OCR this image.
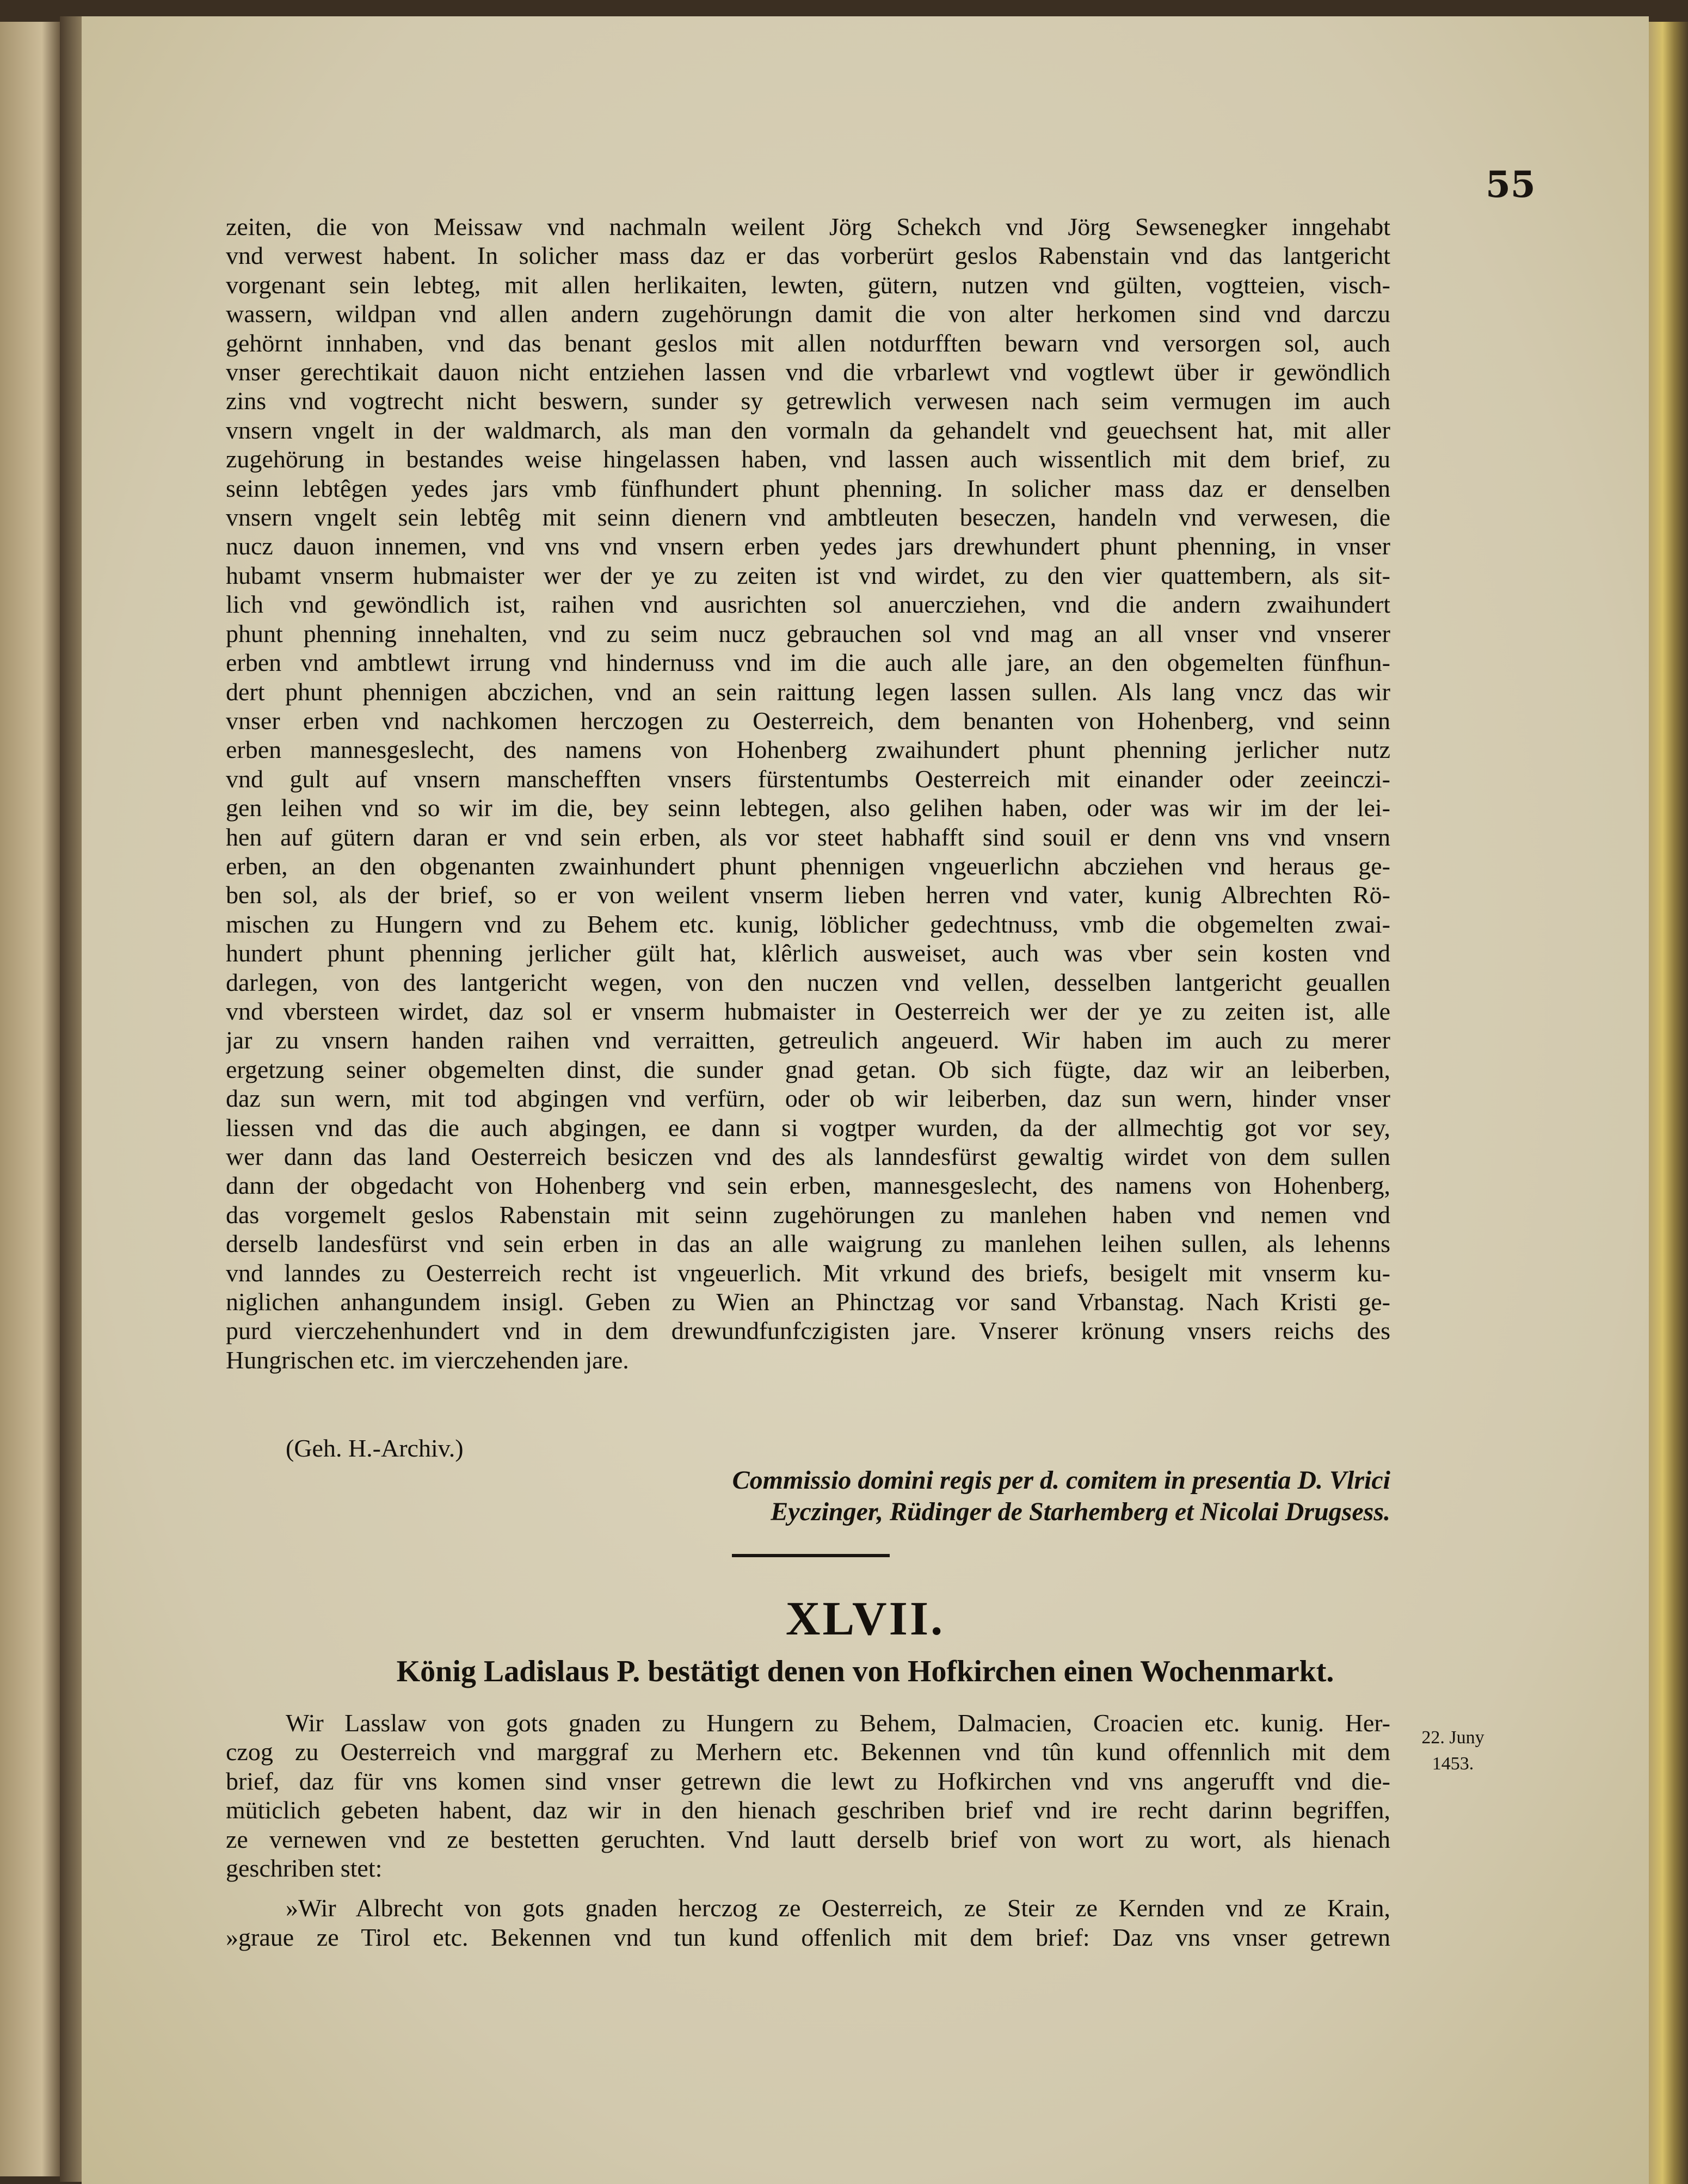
55
zeiten, die von Meissaw vnd nachmaln weilent Jörg Schekch vnd Jörg Sewsenegker inngehabt
vnd verwest habent. In solicher mass daz er das vorberürt geslos Rabenstain vnd das lantgericht
vorgenant sein lebteg, mit allen herlikaiten, lewten, gütern, nutzen vnd gülten, vogtteien, visch-
wassern, wildpan vnd allen andern zugehörungn damit die von alter herkomen sind vnd darczu
gehörnt innhaben, vnd das benant geslos mit allen notdurfften bewarn vnd versorgen sol, auch
vnser gerechtikait dauon nicht entziehen lassen vnd die vrbarlewt vnd vogtlewt über ir gewöndlich
zins vnd vogtrecht nicht beswern, sunder sy getrewlich verwesen nach seim vermugen im auch
vnsern vngelt in der waldmarch, als man den vormaln da gehandelt vnd geuechsent hat, mit aller
zugehörung in bestandes weise hingelassen haben, vnd lassen auch wissentlich mit dem brief, zu
seinn lebtêgen yedes jars vmb fünfhundert phunt phenning. In solicher mass daz er denselben
vnsern vngelt sein lebtêg mit seinn dienern vnd ambtleuten beseczen, handeln vnd verwesen, die
nucz dauon innemen, vnd vns vnd vnsern erben yedes jars drewhundert phunt phenning, in vnser
hubamt vnserm hubmaister wer der ye zu zeiten ist vnd wirdet, zu den vier quattembern, als sit-
lich vnd gewöndlich ist, raihen vnd ausrichten sol anuercziehen, vnd die andern zwaihundert
phunt phenning innehalten, vnd zu seim nucz gebrauchen sol vnd mag an all vnser vnd vnserer
erben vnd ambtlewt irrung vnd hindernuss vnd im die auch alle jare, an den obgemelten fünfhun-
dert phunt phennigen abczichen, vnd an sein raittung legen lassen sullen. Als lang vncz das wir
vnser erben vnd nachkomen herczogen zu Oesterreich, dem benanten von Hohenberg, vnd seinn
erben mannesgeslecht, des namens von Hohenberg zwaihundert phunt phenning jerlicher nutz
vnd gult auf vnsern manschefften vnsers fürstentumbs Oesterreich mit einander oder zeeinczi-
gen leihen vnd so wir im die, bey seinn lebtegen, also gelihen haben, oder was wir im der lei-
hen auf gütern daran er vnd sein erben, als vor steet habhafft sind souil er denn vns vnd vnsern
erben, an den obgenanten zwainhundert phunt phennigen vngeuerlichn abcziehen vnd heraus ge-
ben sol, als der brief, so er von weilent vnserm lieben herren vnd vater, kunig Albrechten Rö-
mischen zu Hungern vnd zu Behem etc. kunig, löblicher gedechtnuss, vmb die obgemelten zwai-
hundert phunt phenning jerlicher gült hat, klêrlich ausweiset, auch was vber sein kosten vnd
darlegen, von des lantgericht wegen, von den nuczen vnd vellen, desselben lantgericht geuallen
vnd vbersteen wirdet, daz sol er vnserm hubmaister in Oesterreich wer der ye zu zeiten ist, alle
jar zu vnsern handen raihen vnd verraitten, getreulich angeuerd. Wir haben im auch zu merer
ergetzung seiner obgemelten dinst, die sunder gnad getan. Ob sich fügte, daz wir an leiberben,
daz sun wern, mit tod abgingen vnd verfürn, oder ob wir leiberben, daz sun wern, hinder vnser
liessen vnd das die auch abgingen, ee dann si vogtper wurden, da der allmechtig got vor sey,
wer dann das land Oesterreich besiczen vnd des als lanndesfürst gewaltig wirdet von dem sullen
dann der obgedacht von Hohenberg vnd sein erben, mannesgeslecht, des namens von Hohenberg,
das vorgemelt geslos Rabenstain mit seinn zugehörungen zu manlehen haben vnd nemen vnd
derselb landesfürst vnd sein erben in das an alle waigrung zu manlehen leihen sullen, als lehenns
vnd lanndes zu Oesterreich recht ist vngeuerlich. Mit vrkund des briefs, besigelt mit vnserm ku-
niglichen anhangundem insigl. Geben zu Wien an Phinctzag vor sand Vrbanstag. Nach Kristi ge-
purd vierczehenhundert vnd in dem drewundfunfczigisten jare. Vnserer krönung vnsers reichs des
Hungrischen etc. im vierczehenden jare.
(Geh. H.-Archiv.)
Commissio domini regis per d. comitem in presentia D. Vlrici
Eyczinger, Rüdinger de Starhemberg et Nicolai Drugsess.
XLVII.
König Ladislaus P. bestätigt denen von Hofkirchen einen Wochenmarkt.
22. Juny
1453.
Wir Lasslaw von gots gnaden zu Hungern zu Behem, Dalmacien, Croacien etc. kunig. Her-
czog zu Oesterreich vnd marggraf zu Merhern etc. Bekennen vnd tûn kund offennlich mit dem
brief, daz für vns komen sind vnser getrewn die lewt zu Hofkirchen vnd vns angerufft vnd die-
müticlich gebeten habent, daz wir in den hienach geschriben brief vnd ire recht darinn begriffen,
ze vernewen vnd ze bestetten geruchten. Vnd lautt derselb brief von wort zu wort, als hienach
geschriben stet:
»Wir Albrecht von gots gnaden herczog ze Oesterreich, ze Steir ze Kernden vnd ze Krain,
»graue ze Tirol etc. Bekennen vnd tun kund offenlich mit dem brief: Daz vns vnser getrewn
